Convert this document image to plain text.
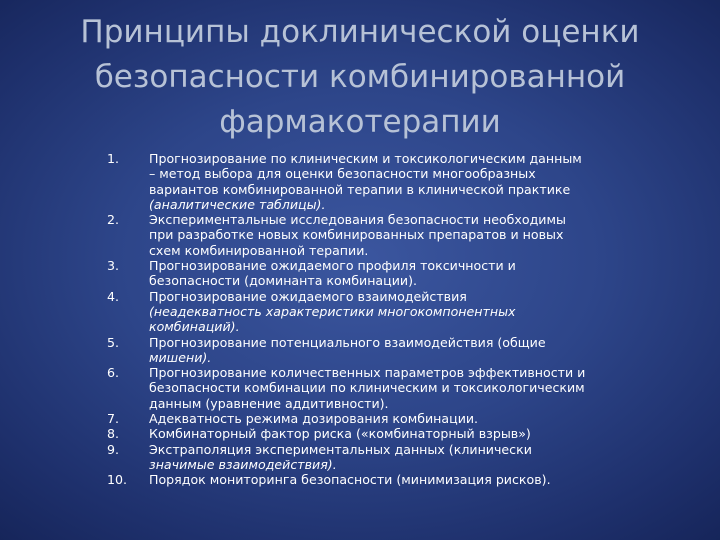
Принципы доклинической оценки
безопасности комбинированной
фармакотерапии
1. Прогнозирование по клиническим и токсикологическим данным
– метод выбора для оценки безопасности многообразных
вариантов комбинированной терапии в клинической практике
(аналитические таблицы).
2. Экспериментальные исследования безопасности необходимы
при разработке новых комбинированных препаратов и новых
схем комбинированной терапии.
3. Прогнозирование ожидаемого профиля токсичности и
безопасности (доминанта комбинации).
4. Прогнозирование ожидаемого взаимодействия
(неадекватность характеристики многокомпонентных
комбинаций).
5. Прогнозирование потенциального взаимодействия (общие
мишени).
6. Прогнозирование количественных параметров эффективности и
безопасности комбинации по клиническим и токсикологическим
данным (уравнение аддитивности).
7. Адекватность режима дозирования комбинации.
8. Комбинаторный фактор риска («комбинаторный взрыв»)
9. Экстраполяция экспериментальных данных (клинически
значимые взаимодействия).
10. Порядок мониторинга безопасности (минимизация рисков).
